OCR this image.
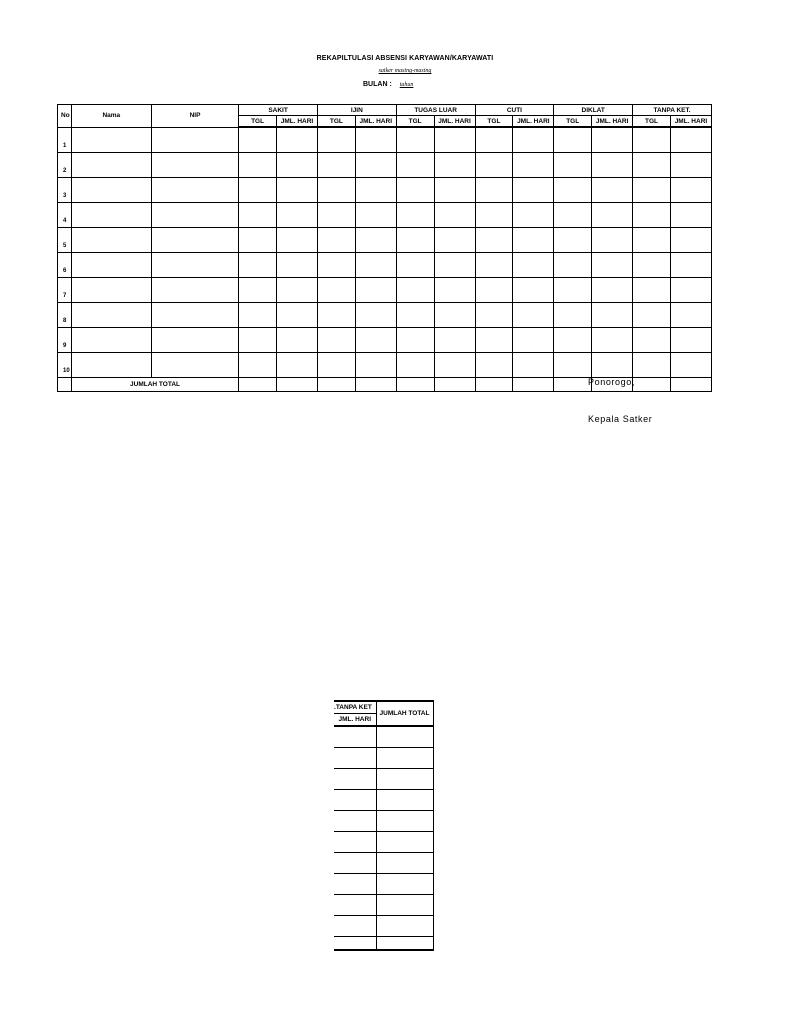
REKAPILTULASI ABSENSI KARYAWAN/KARYAWATI
satker masing-masing
BULAN : tahun
No	Nama	NIP	SAKIT		IJIN		TUGAS LUAR		CUTI		DIKLAT		TANPA KET.	
			TGL	JML. HARI	TGL	JML. HARI	TGL	JML. HARI	TGL	JML. HARI	TGL	JML. HARI	TGL	JML. HARI
1														
2														
3														
4														
5														
6														
7														
8														
9														
10														
	JUMLAH TOTAL														Ponorogo,
Kepala Satker
TANPA KET.	JUMLAH TOTAL
JML. HARI	
